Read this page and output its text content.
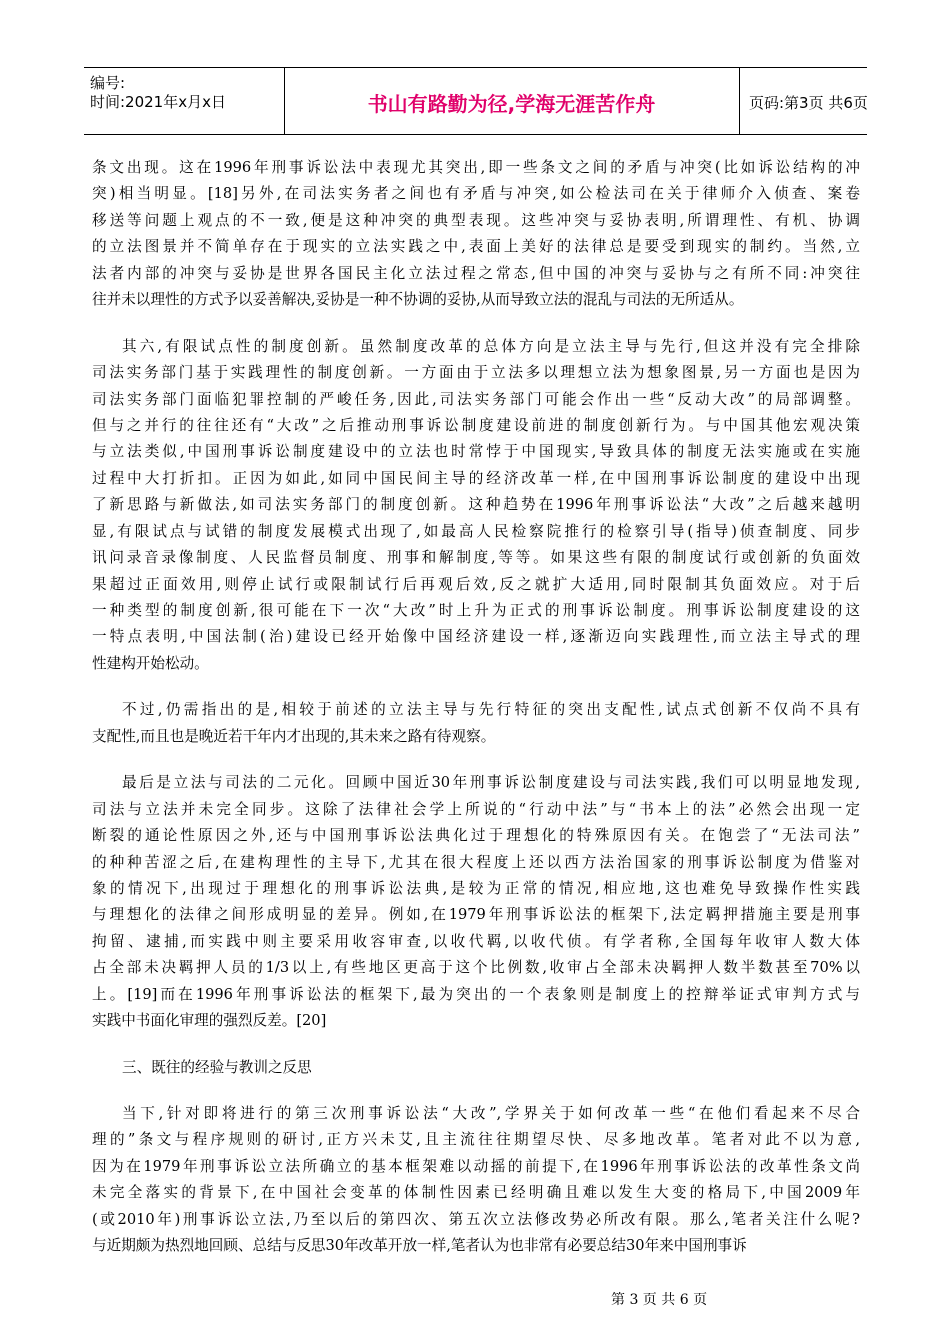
编号:
时间:2021年x月x日	书山有路勤为径,学海无涯苦作舟	页码:第3页 共6页
条文出现。这在1996年刑事诉讼法中表现尤其突出,即一些条文之间的矛盾与冲突(比如诉讼结构的冲
突)相当明显。[18]另外,在司法实务者之间也有矛盾与冲突,如公检法司在关于律师介入侦查、案卷
移送等问题上观点的不一致,便是这种冲突的典型表现。这些冲突与妥协表明,所谓理性、有机、协调
的立法图景并不简单存在于现实的立法实践之中,表面上美好的法律总是要受到现实的制约。当然,立
法者内部的冲突与妥协是世界各国民主化立法过程之常态,但中国的冲突与妥协与之有所不同:冲突往
往并未以理性的方式予以妥善解决,妥协是一种不协调的妥协,从而导致立法的混乱与司法的无所适从。
其六,有限试点性的制度创新。虽然制度改革的总体方向是立法主导与先行,但这并没有完全排除
司法实务部门基于实践理性的制度创新。一方面由于立法多以理想立法为想象图景,另一方面也是因为
司法实务部门面临犯罪控制的严峻任务,因此,司法实务部门可能会作出一些“反动大改”的局部调整。
但与之并行的往往还有“大改”之后推动刑事诉讼制度建设前进的制度创新行为。与中国其他宏观决策
与立法类似,中国刑事诉讼制度建设中的立法也时常悖于中国现实,导致具体的制度无法实施或在实施
过程中大打折扣。正因为如此,如同中国民间主导的经济改革一样,在中国刑事诉讼制度的建设中出现
了新思路与新做法,如司法实务部门的制度创新。这种趋势在1996年刑事诉讼法“大改”之后越来越明
显,有限试点与试错的制度发展模式出现了,如最高人民检察院推行的检察引导(指导)侦查制度、同步
讯问录音录像制度、人民监督员制度、刑事和解制度,等等。如果这些有限的制度试行或创新的负面效
果超过正面效用,则停止试行或限制试行后再观后效,反之就扩大适用,同时限制其负面效应。对于后
一种类型的制度创新,很可能在下一次“大改”时上升为正式的刑事诉讼制度。刑事诉讼制度建设的这
一特点表明,中国法制(治)建设已经开始像中国经济建设一样,逐渐迈向实践理性,而立法主导式的理
性建构开始松动。
不过,仍需指出的是,相较于前述的立法主导与先行特征的突出支配性,试点式创新不仅尚不具有
支配性,而且也是晚近若干年内才出现的,其未来之路有待观察。
最后是立法与司法的二元化。回顾中国近30年刑事诉讼制度建设与司法实践,我们可以明显地发现,
司法与立法并未完全同步。这除了法律社会学上所说的“行动中法”与“书本上的法”必然会出现一定
断裂的通论性原因之外,还与中国刑事诉讼法典化过于理想化的特殊原因有关。在饱尝了“无法司法”
的种种苦涩之后,在建构理性的主导下,尤其在很大程度上还以西方法治国家的刑事诉讼制度为借鉴对
象的情况下,出现过于理想化的刑事诉讼法典,是较为正常的情况,相应地,这也难免导致操作性实践
与理想化的法律之间形成明显的差异。例如,在1979年刑事诉讼法的框架下,法定羁押措施主要是刑事
拘留、逮捕,而实践中则主要采用收容审查,以收代羁,以收代侦。有学者称,全国每年收审人数大体
占全部未决羁押人员的1/3以上,有些地区更高于这个比例数,收审占全部未决羁押人数半数甚至70%以
上。[19]而在1996年刑事诉讼法的框架下,最为突出的一个表象则是制度上的控辩举证式审判方式与
实践中书面化审理的强烈反差。[20]
三、既往的经验与教训之反思
当下,针对即将进行的第三次刑事诉讼法“大改”,学界关于如何改革一些“在他们看起来不尽合
理的”条文与程序规则的研讨,正方兴未艾,且主流往往期望尽快、尽多地改革。笔者对此不以为意,
因为在1979年刑事诉讼立法所确立的基本框架难以动摇的前提下,在1996年刑事诉讼法的改革性条文尚
未完全落实的背景下,在中国社会变革的体制性因素已经明确且难以发生大变的格局下,中国2009年
(或2010年)刑事诉讼立法,乃至以后的第四次、第五次立法修改势必所改有限。那么,笔者关注什么呢?
与近期颇为热烈地回顾、总结与反思30年改革开放一样,笔者认为也非常有必要总结30年来中国刑事诉
第 3 页 共 6 页
